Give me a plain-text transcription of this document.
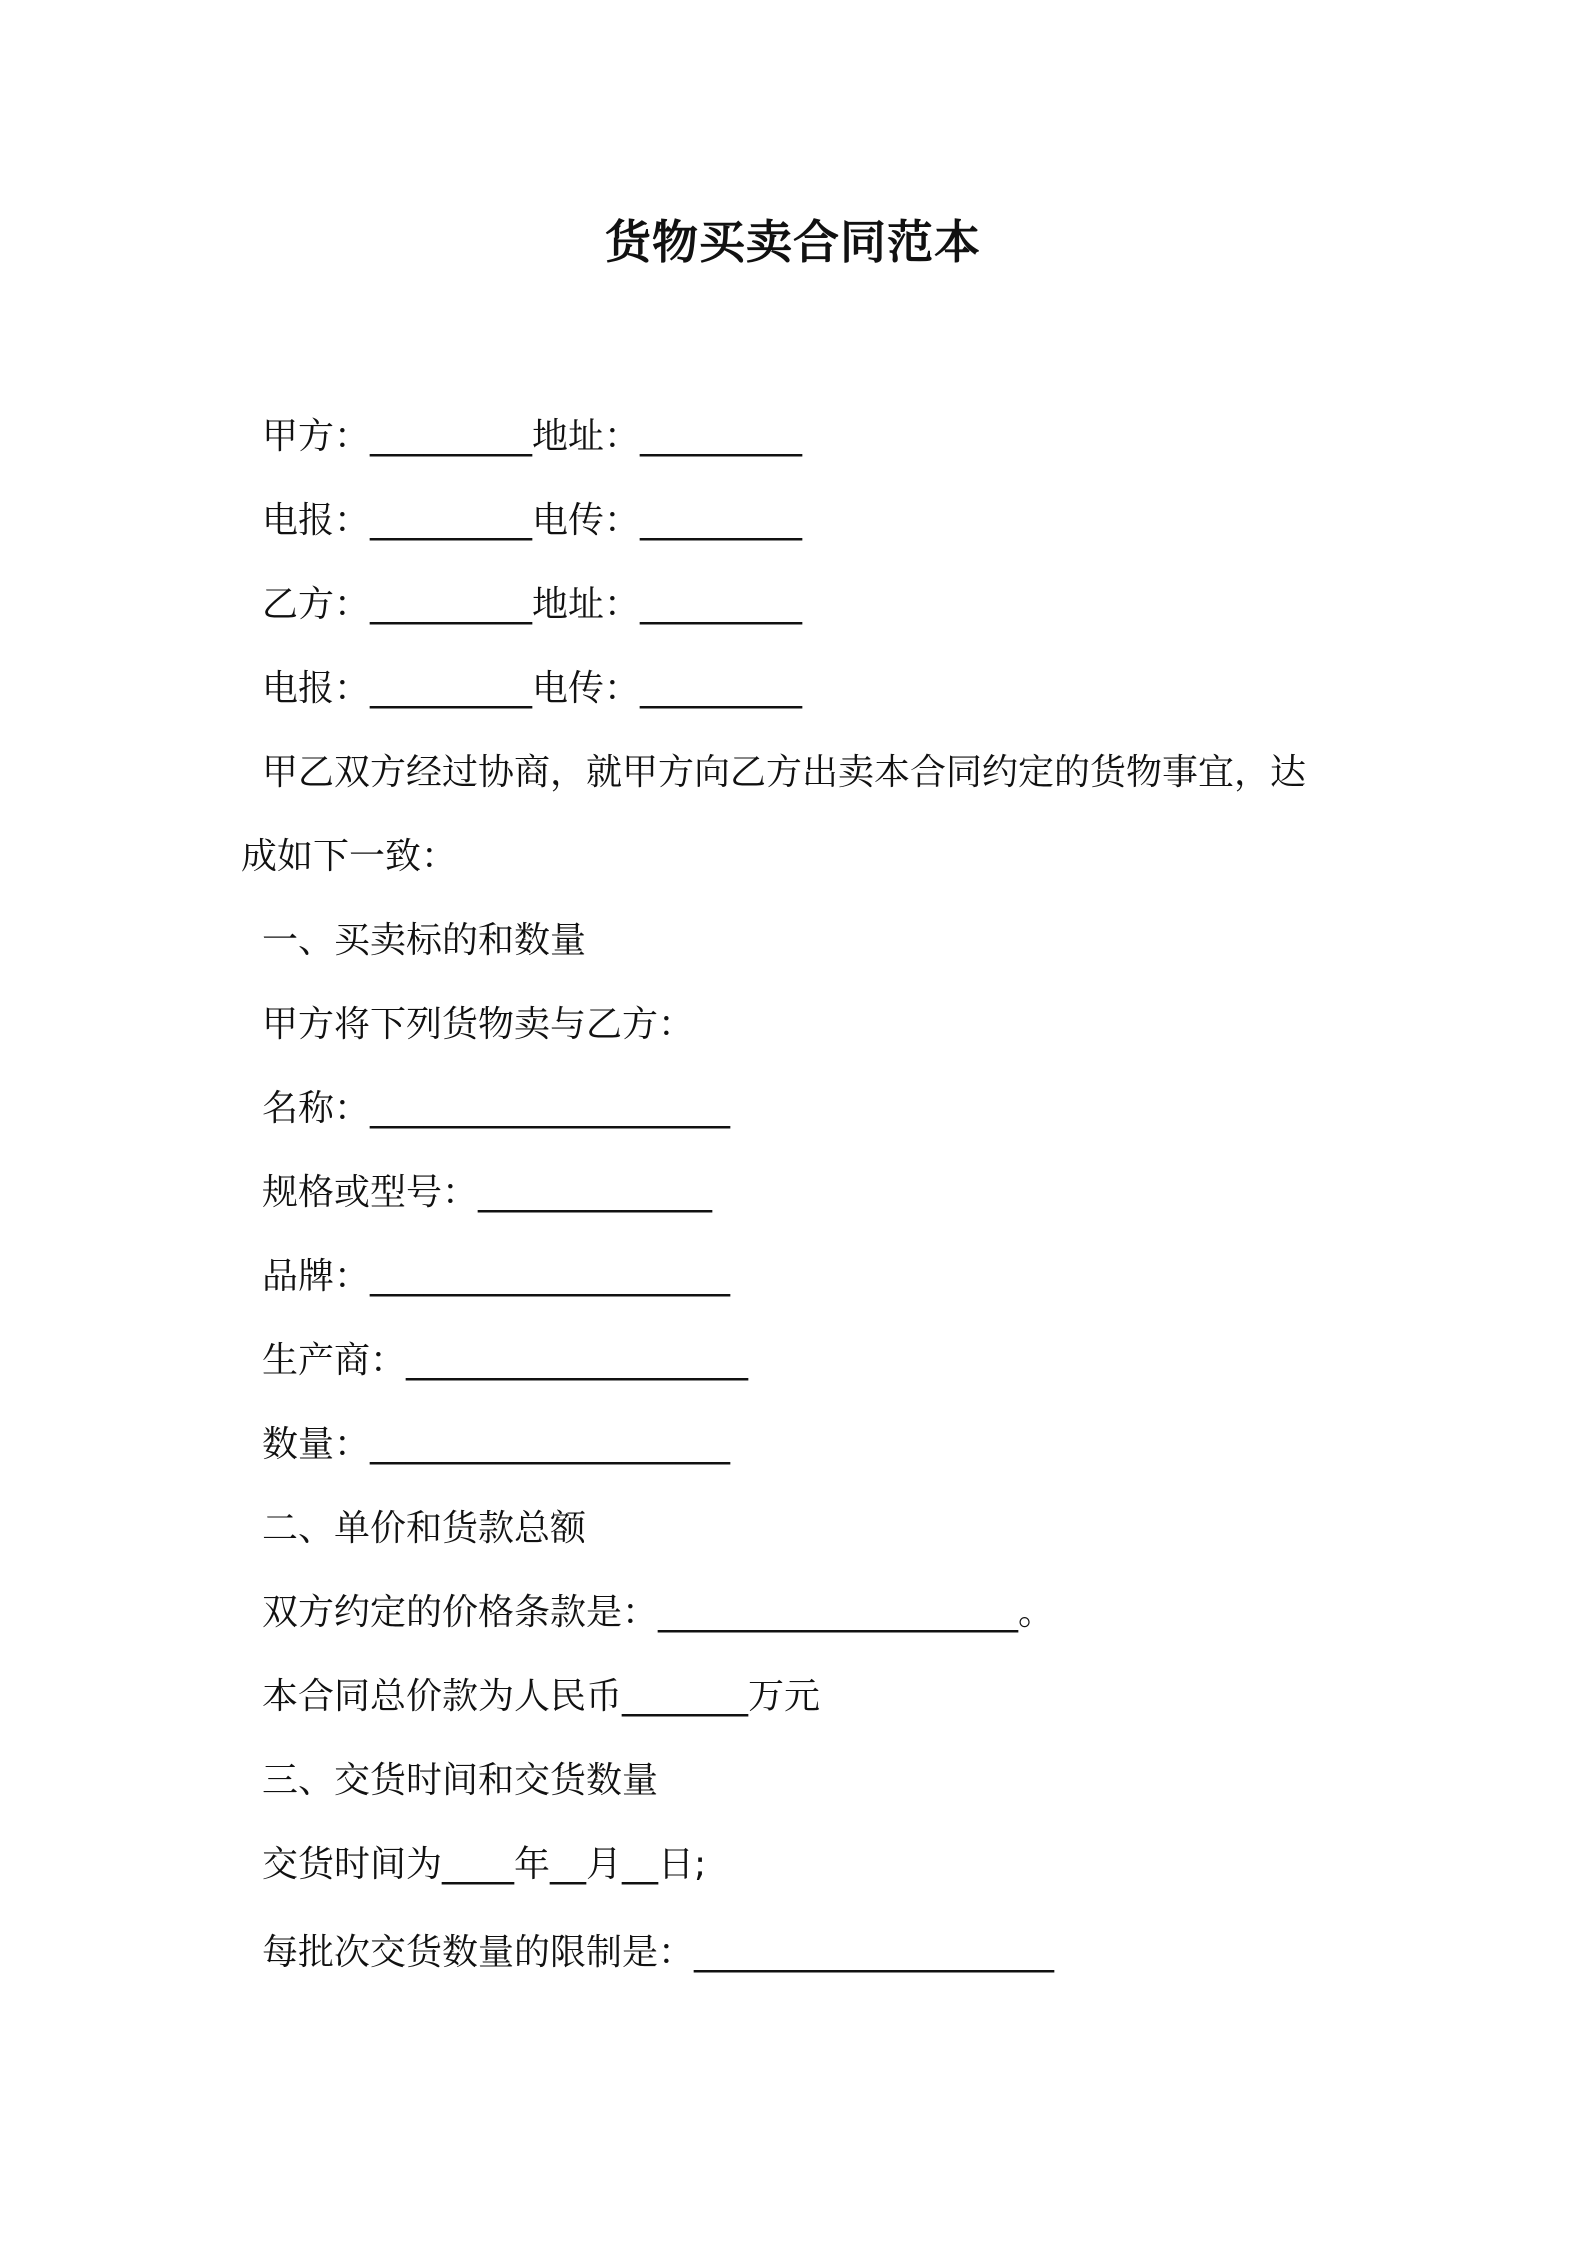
货物买卖合同范本
甲方：_________地址：_________
电报：_________电传：_________
乙方：_________地址：_________
电报：_________电传：_________
甲乙双方经过协商，就甲方向乙方出卖本合同约定的货物事宜，达
成如下一致：
一、买卖标的和数量
甲方将下列货物卖与乙方：
名称：____________________
规格或型号：_____________
品牌：____________________
生产商：___________________
数量：____________________
二、单价和货款总额
双方约定的价格条款是：____________________。
本合同总价款为人民币_______万元
三、交货时间和交货数量
交货时间为____年__月__日;
每批次交货数量的限制是：____________________
